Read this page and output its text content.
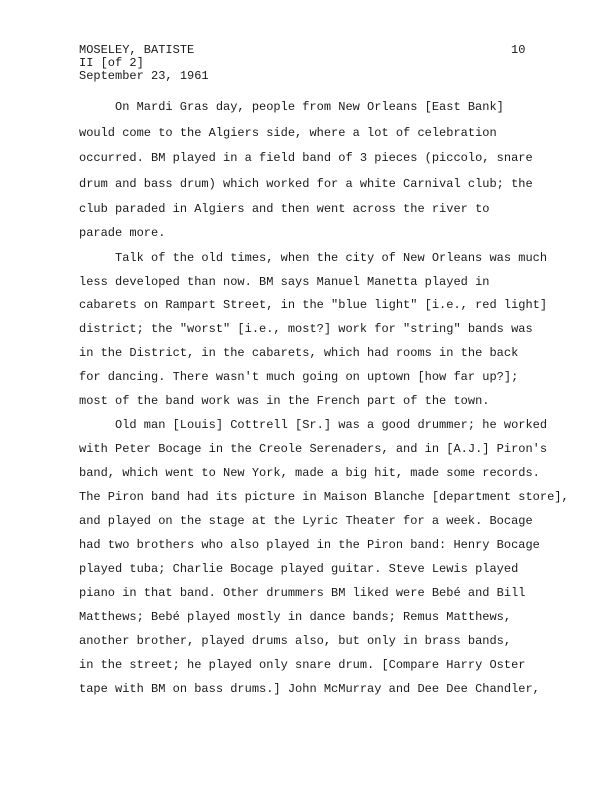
MOSELEY, BATISTE
II [of 2]
September 23, 1961
10
On Mardi Gras day, people from New Orleans [East Bank]
would come to the Algiers side, where a lot of celebration
occurred. BM played in a field band of 3 pieces (piccolo, snare
drum and bass drum) which worked for a white Carnival club; the
club paraded in Algiers and then went across the river to
parade more.
Talk of the old times, when the city of New Orleans was much
less developed than now. BM says Manuel Manetta played in
cabarets on Rampart Street, in the "blue light" [i.e., red light]
district; the "worst" [i.e., most?] work for "string" bands was
in the District, in the cabarets, which had rooms in the back
for dancing. There wasn't much going on uptown [how far up?];
most of the band work was in the French part of the town.
Old man [Louis] Cottrell [Sr.] was a good drummer; he worked
with Peter Bocage in the Creole Serenaders, and in [A.J.] Piron's
band, which went to New York, made a big hit, made some records.
The Piron band had its picture in Maison Blanche [department store],
and played on the stage at the Lyric Theater for a week. Bocage
had two brothers who also played in the Piron band: Henry Bocage
played tuba; Charlie Bocage played guitar. Steve Lewis played
piano in that band. Other drummers BM liked were Bebé and Bill
Matthews; Bebé played mostly in dance bands; Remus Matthews,
another brother, played drums also, but only in brass bands,
in the street; he played only snare drum. [Compare Harry Oster
tape with BM on bass drums.] John McMurray and Dee Dee Chandler,
